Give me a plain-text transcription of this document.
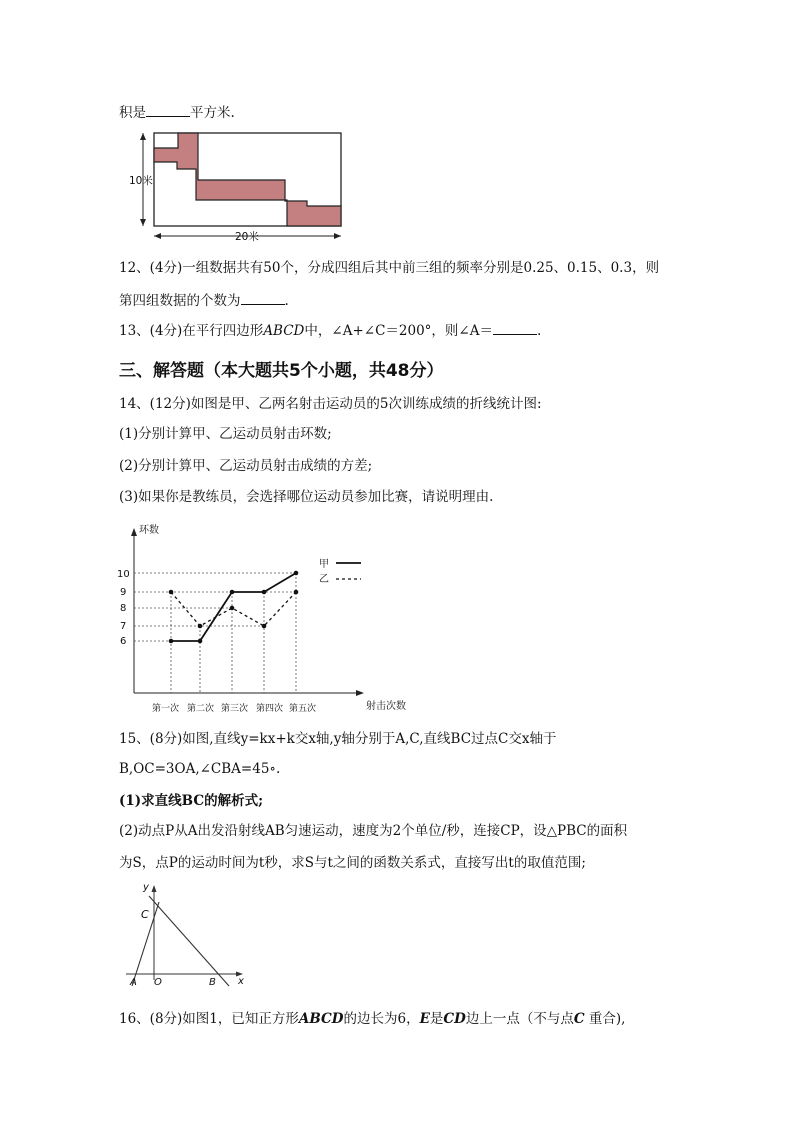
积是	平方米.
10米
20米
12、(4分)一组数据共有50个，分成四组后其中前三组的频率分别是0.25、0.15、0.3，则
第四组数据的个数为	.
13、(4分)在平行四边形ABCD中，∠A+∠C＝200°，则∠A＝	.
三、解答题（本大题共5个小题，共48分）
14、(12分)如图是甲、乙两名射击运动员的5次训练成绩的折线统计图:
(1)分别计算甲、乙运动员射击环数;
(2)分别计算甲、乙运动员射击成绩的方差;
(3)如果你是教练员，会选择哪位运动员参加比赛，请说明理由.
环数
射击次数
6
7
8
9
10
第一次 第二次 第三次 第四次 第五次
甲
乙
15、(8分)如图,直线y=kx+k交x轴,y轴分别于A,C,直线BC过点C交x轴于
B,OC=3OA,∠CBA=45∘.
(1)求直线BC的解析式;
(2)动点P从A出发沿射线AB匀速运动，速度为2个单位/秒，连接CP，设△PBC的面积
为S，点P的运动时间为t秒，求S与t之间的函数关系式，直接写出t的取值范围;
y
x
C
A O	B
16、(8分)如图1，已知正方形ABCD的边长为6，E是CD边上一点（不与点C 重合),
